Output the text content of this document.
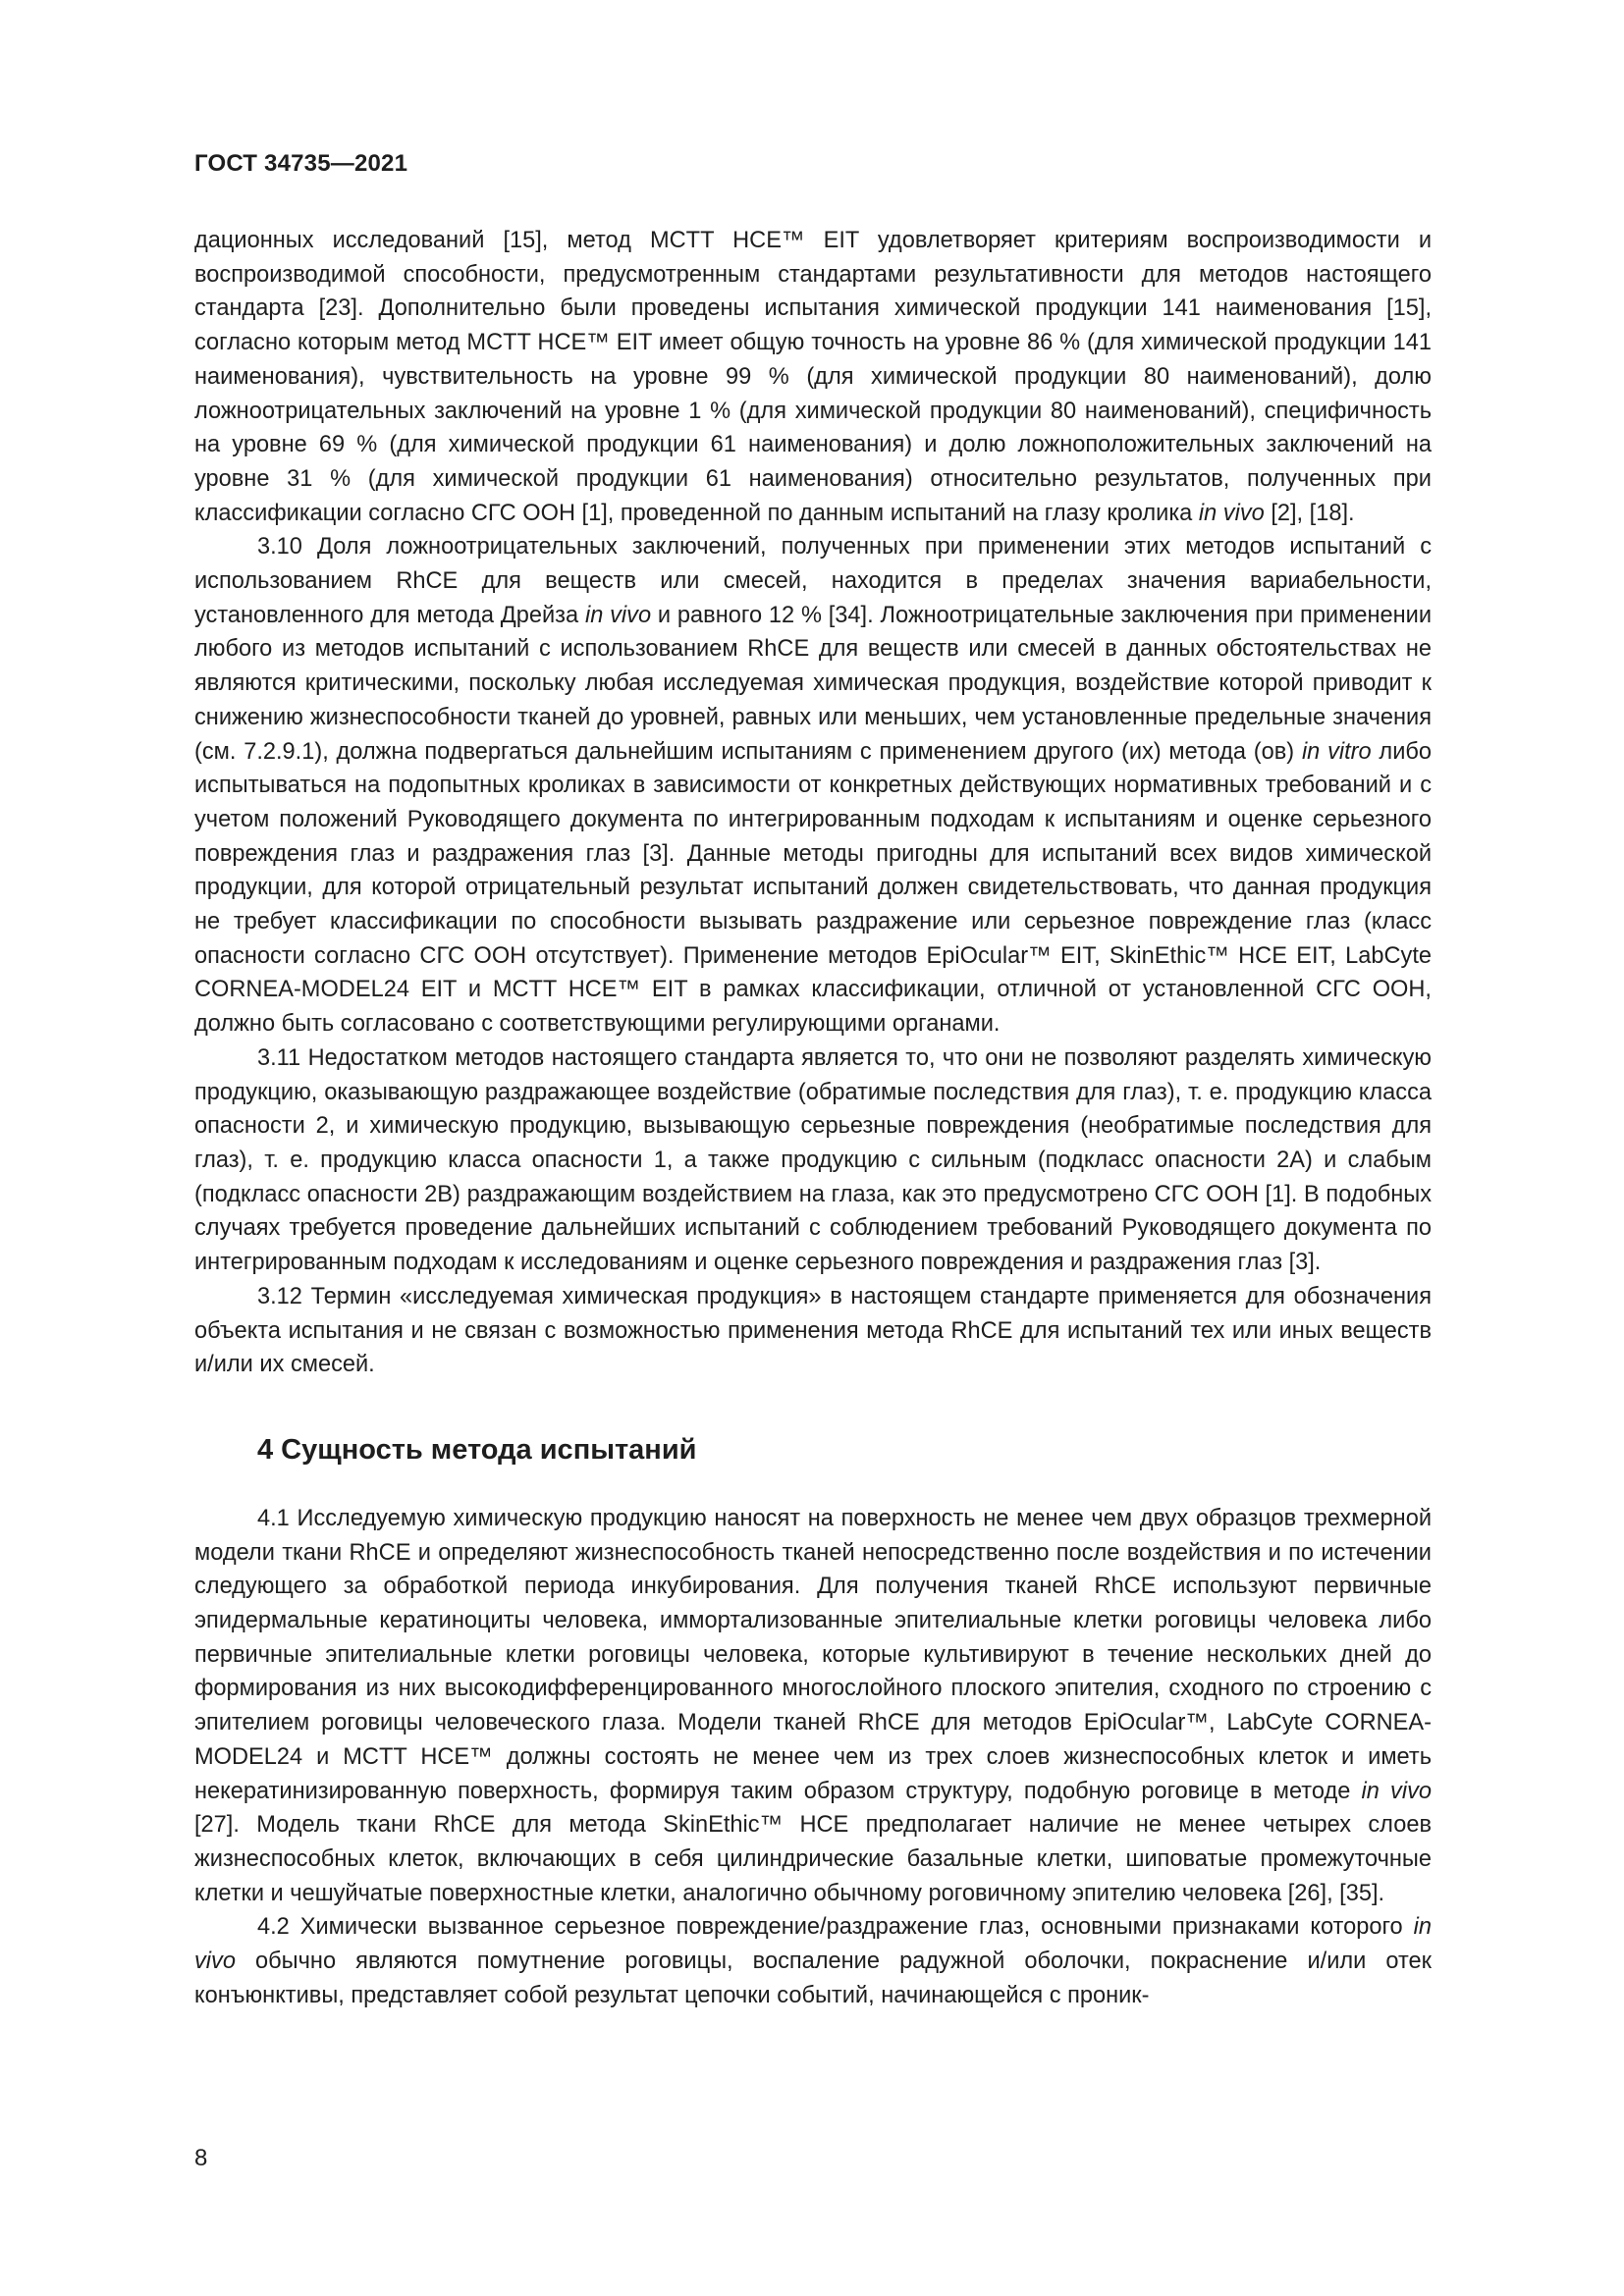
ГОСТ 34735—2021

дационных исследований [15], метод MCTT HCE™ EIT удовлетворяет критериям воспроизводимости и воспроизводимой способности, предусмотренным стандартами результативности для методов настоящего стандарта [23]. Дополнительно были проведены испытания химической продукции 141 наименования [15], согласно которым метод MCTT HCE™ EIT имеет общую точность на уровне 86 % (для химической продукции 141 наименования), чувствительность на уровне 99 % (для химической продукции 80 наименований), долю ложноотрицательных заключений на уровне 1 % (для химической продукции 80 наименований), специфичность на уровне 69 % (для химической продукции 61 наименования) и долю ложноположительных заключений на уровне 31 % (для химической продукции 61 наименования) относительно результатов, полученных при классификации согласно СГС ООН [1], проведенной по данным испытаний на глазу кролика in vivo [2], [18].

3.10 Доля ложноотрицательных заключений, полученных при применении этих методов испытаний с использованием RhCE для веществ или смесей, находится в пределах значения вариабельности, установленного для метода Дрейза in vivo и равного 12 % [34]. Ложноотрицательные заключения при применении любого из методов испытаний с использованием RhCE для веществ или смесей в данных обстоятельствах не являются критическими, поскольку любая исследуемая химическая продукция, воздействие которой приводит к снижению жизнеспособности тканей до уровней, равных или меньших, чем установленные предельные значения (см. 7.2.9.1), должна подвергаться дальнейшим испытаниям с применением другого (их) метода (ов) in vitro либо испытываться на подопытных кроликах в зависимости от конкретных действующих нормативных требований и с учетом положений Руководящего документа по интегрированным подходам к испытаниям и оценке серьезного повреждения глаз и раздражения глаз [3]. Данные методы пригодны для испытаний всех видов химической продукции, для которой отрицательный результат испытаний должен свидетельствовать, что данная продукция не требует классификации по способности вызывать раздражение или серьезное повреждение глаз (класс опасности согласно СГС ООН отсутствует). Применение методов EpiOcular™ EIT, SkinEthic™ HCE EIT, LabCyte CORNEA-MODEL24 EIT и MCTT HCE™ EIT в рамках классификации, отличной от установленной СГС ООН, должно быть согласовано с соответствующими регулирующими органами.

3.11 Недостатком методов настоящего стандарта является то, что они не позволяют разделять химическую продукцию, оказывающую раздражающее воздействие (обратимые последствия для глаз), т. е. продукцию класса опасности 2, и химическую продукцию, вызывающую серьезные повреждения (необратимые последствия для глаз), т. е. продукцию класса опасности 1, а также продукцию с сильным (подкласс опасности 2А) и слабым (подкласс опасности 2В) раздражающим воздействием на глаза, как это предусмотрено СГС ООН [1]. В подобных случаях требуется проведение дальнейших испытаний с соблюдением требований Руководящего документа по интегрированным подходам к исследованиям и оценке серьезного повреждения и раздражения глаз [3].

3.12 Термин «исследуемая химическая продукция» в настоящем стандарте применяется для обозначения объекта испытания и не связан с возможностью применения метода RhCE для испытаний тех или иных веществ и/или их смесей.

4 Сущность метода испытаний

4.1 Исследуемую химическую продукцию наносят на поверхность не менее чем двух образцов трехмерной модели ткани RhCE и определяют жизнеспособность тканей непосредственно после воздействия и по истечении следующего за обработкой периода инкубирования. Для получения тканей RhCE используют первичные эпидермальные кератиноциты человека, иммортализованные эпителиальные клетки роговицы человека либо первичные эпителиальные клетки роговицы человека, которые культивируют в течение нескольких дней до формирования из них высокодифференцированного многослойного плоского эпителия, сходного по строению с эпителием роговицы человеческого глаза. Модели тканей RhCE для методов EpiOcular™, LabCyte CORNEA-MODEL24 и MCTT HCE™ должны состоять не менее чем из трех слоев жизнеспособных клеток и иметь некератинизированную поверхность, формируя таким образом структуру, подобную роговице в методе in vivo [27]. Модель ткани RhCE для метода SkinEthic™ HCE предполагает наличие не менее четырех слоев жизнеспособных клеток, включающих в себя цилиндрические базальные клетки, шиповатые промежуточные клетки и чешуйчатые поверхностные клетки, аналогично обычному роговичному эпителию человека [26], [35].

4.2 Химически вызванное серьезное повреждение/раздражение глаз, основными признаками которого in vivo обычно являются помутнение роговицы, воспаление радужной оболочки, покраснение и/или отек конъюнктивы, представляет собой результат цепочки событий, начинающейся с проник-

8
